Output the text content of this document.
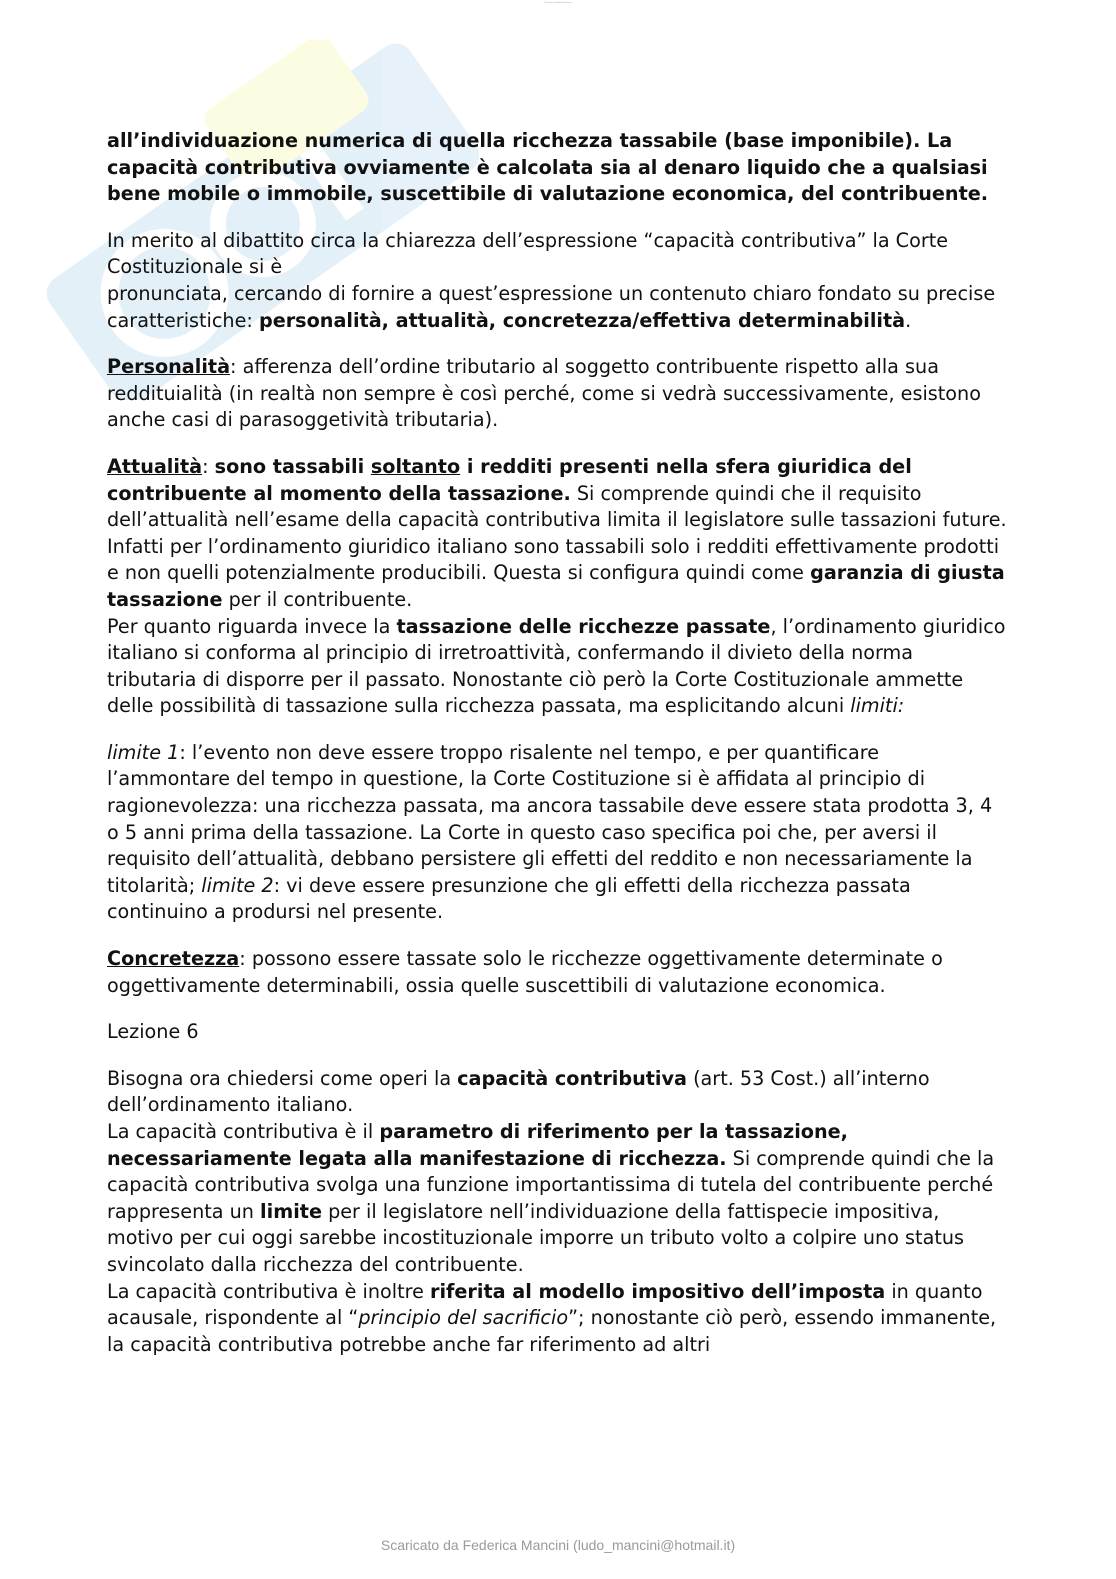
Scaricato da Federica Mancini

all’individuazione numerica di quella ricchezza tassabile (base imponibile). La capacità contributiva ovviamente è calcolata sia al denaro liquido che a qualsiasi bene mobile o immobile, suscettibile di valutazione economica, del contribuente.

In merito al dibattito circa la chiarezza dell’espressione “capacità contributiva” la Corte Costituzionale si è
pronunciata, cercando di fornire a quest’espressione un contenuto chiaro fondato su precise caratteristiche: personalità, attualità, concretezza/effettiva determinabilità.

Personalità: afferenza dell’ordine tributario al soggetto contribuente rispetto alla sua reddituialità (in realtà non sempre è così perché, come si vedrà successivamente, esistono anche casi di parasoggetività tributaria).

Attualità: sono tassabili soltanto i redditi presenti nella sfera giuridica del contribuente al momento della tassazione. Si comprende quindi che il requisito dell’attualità nell’esame della capacità contributiva limita il legislatore sulle tassazioni future. Infatti per l’ordinamento giuridico italiano sono tassabili solo i redditi effettivamente prodotti e non quelli potenzialmente producibili. Questa si configura quindi come garanzia di giusta tassazione per il contribuente.

Per quanto riguarda invece la tassazione delle ricchezze passate, l’ordinamento giuridico italiano si conforma al principio di irretroattività, confermando il divieto della norma tributaria di disporre per il passato. Nonostante ciò però la Corte Costituzionale ammette delle possibilità di tassazione sulla ricchezza passata, ma esplicitando alcuni limiti:

limite 1: l’evento non deve essere troppo risalente nel tempo, e per quantificare l’ammontare del tempo in questione, la Corte Costituzione si è affidata al principio di ragionevolezza: una ricchezza passata, ma ancora tassabile deve essere stata prodotta 3, 4 o 5 anni prima della tassazione. La Corte in questo caso specifica poi che, per aversi il requisito dell’attualità, debbano persistere gli effetti del reddito e non necessariamente la titolarità; limite 2: vi deve essere presunzione che gli effetti della ricchezza passata continuino a prodursi nel presente.

Concretezza: possono essere tassate solo le ricchezze oggettivamente determinate o oggettivamente determinabili, ossia quelle suscettibili di valutazione economica.

Lezione 6

Bisogna ora chiedersi come operi la capacità contributiva (art. 53 Cost.) all’interno dell’ordinamento italiano.

La capacità contributiva è il parametro di riferimento per la tassazione, necessariamente legata alla manifestazione di ricchezza. Si comprende quindi che la capacità contributiva svolga una funzione importantissima di tutela del contribuente perché rappresenta un limite per il legislatore nell’individuazione della fattispecie impositiva, motivo per cui oggi sarebbe incostituzionale imporre un tributo volto a colpire uno status svincolato dalla ricchezza del contribuente.

La capacità contributiva è inoltre riferita al modello impositivo dell’imposta in quanto acausale, rispondente al “principio del sacrificio”; nonostante ciò però, essendo immanente, la capacità contributiva potrebbe anche far riferimento ad altri

Scaricato da Federica Mancini (ludo_mancini@hotmail.it)
